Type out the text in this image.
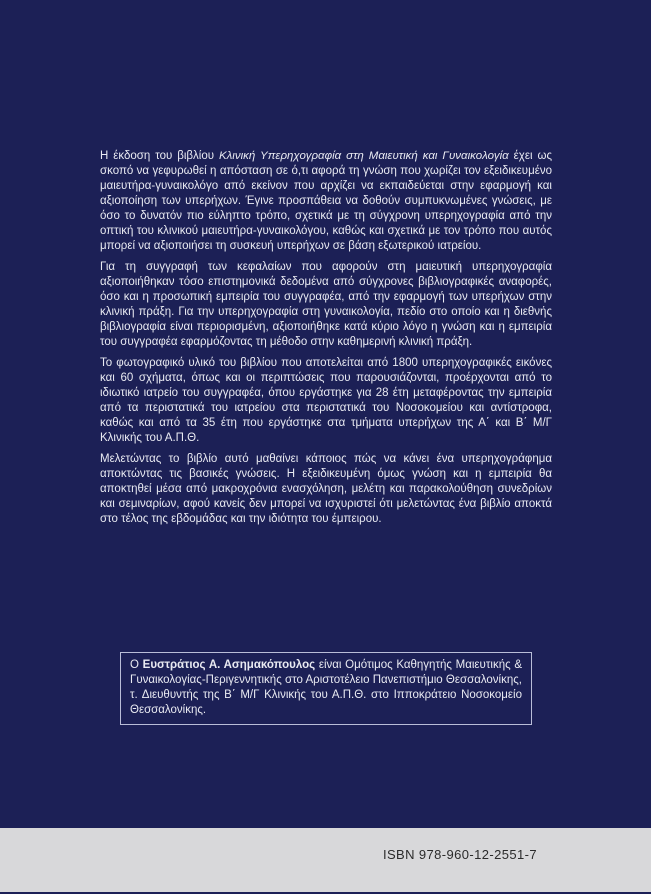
Η έκδοση του βιβλίου Κλινική Υπερηχογραφία στη Μαιευτική και Γυναικολογία έχει ως σκοπό να γεφυρωθεί η απόσταση σε ό,τι αφορά τη γνώση που χωρίζει τον εξειδικευμένο μαιευτήρα-γυναικολόγο από εκείνον που αρχίζει να εκπαιδεύεται στην εφαρμογή και αξιοποίηση των υπερήχων. Έγινε προσπάθεια να δοθούν συμπυκνωμένες γνώσεις, με όσο το δυνατόν πιο εύληπτο τρόπο, σχετικά με τη σύγχρονη υπερηχογραφία από την οπτική του κλινικού μαιευτήρα-γυναικολόγου, καθώς και σχετικά με τον τρόπο που αυτός μπορεί να αξιοποιήσει τη συσκευή υπερήχων σε βάση εξωτερικού ιατρείου.

Για τη συγγραφή των κεφαλαίων που αφορούν στη μαιευτική υπερηχογραφία αξιοποιήθηκαν τόσο επιστημονικά δεδομένα από σύγχρονες βιβλιογραφικές αναφορές, όσο και η προσωπική εμπειρία του συγγραφέα, από την εφαρμογή των υπερήχων στην κλινική πράξη. Για την υπερηχογραφία στη γυναικολογία, πεδίο στο οποίο και η διεθνής βιβλιογραφία είναι περιορισμένη, αξιοποιήθηκε κατά κύριο λόγο η γνώση και η εμπειρία του συγγραφέα εφαρμόζοντας τη μέθοδο στην καθημερινή κλινική πράξη.

Το φωτογραφικό υλικό του βιβλίου που αποτελείται από 1800 υπερηχογραφικές εικόνες και 60 σχήματα, όπως και οι περιπτώσεις που παρουσιάζονται, προέρχονται από το ιδιωτικό ιατρείο του συγγραφέα, όπου εργάστηκε για 28 έτη μεταφέροντας την εμπειρία από τα περιστατικά του ιατρείου στα περιστατικά του Νοσοκομείου και αντίστροφα, καθώς και από τα 35 έτη που εργάστηκε στα τμήματα υπερήχων της Α΄ και Β΄ Μ/Γ Κλινικής του Α.Π.Θ.

Μελετώντας το βιβλίο αυτό μαθαίνει κάποιος πώς να κάνει ένα υπερηχογράφημα αποκτώντας τις βασικές γνώσεις. Η εξειδικευμένη όμως γνώση και η εμπειρία θα αποκτηθεί μέσα από μακροχρόνια ενασχόληση, μελέτη και παρακολούθηση συνεδρίων και σεμιναρίων, αφού κανείς δεν μπορεί να ισχυριστεί ότι μελετώντας ένα βιβλίο αποκτά στο τέλος της εβδομάδας και την ιδιότητα του έμπειρου.

Ο Ευστράτιος Α. Ασημακόπουλος είναι Ομότιμος Καθηγητής Μαιευτικής & Γυναικολογίας-Περιγεννητικής στο Αριστοτέλειο Πανεπιστήμιο Θεσσαλονίκης, τ. Διευθυντής της Β΄ Μ/Γ Κλινικής του Α.Π.Θ. στο Ιπποκράτειο Νοσοκομείο Θεσσαλονίκης.
ISBN 978-960-12-2551-7
